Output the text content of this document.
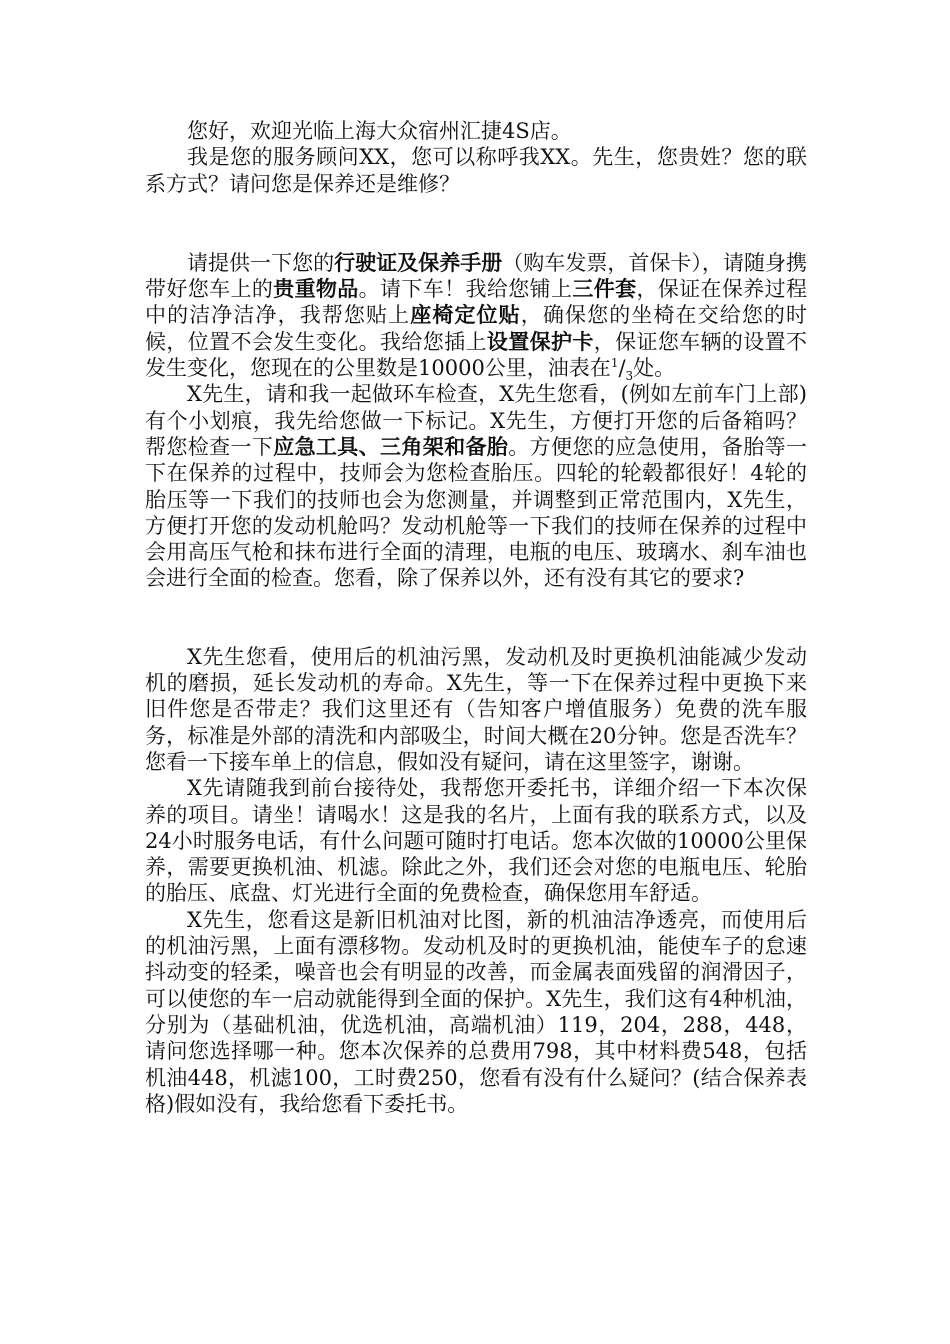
您好，欢迎光临上海大众宿州汇捷4S店。

我是您的服务顾问XX，您可以称呼我XX。先生，您贵姓？您的联系方式？请问您是保养还是维修？

请提供一下您的行驶证及保养手册（购车发票，首保卡），请随身携带好您车上的贵重物品。请下车！我给您铺上三件套，保证在保养过程中的洁净洁净，我帮您贴上座椅定位贴，确保您的坐椅在交给您的时候，位置不会发生变化。我给您插上设置保护卡，保证您车辆的设置不发生变化，您现在的公里数是10000公里，油表在$^1/_3$处。

X先生，请和我一起做环车检查，X先生您看，(例如左前车门上部)有个小划痕，我先给您做一下标记。X先生，方便打开您的后备箱吗？帮您检查一下应急工具、三角架和备胎。方便您的应急使用，备胎等一下在保养的过程中，技师会为您检查胎压。四轮的轮毂都很好！4轮的胎压等一下我们的技师也会为您测量，并调整到正常范围内，X先生，方便打开您的发动机舱吗？发动机舱等一下我们的技师在保养的过程中会用高压气枪和抹布进行全面的清理，电瓶的电压、玻璃水、刹车油也会进行全面的检查。您看，除了保养以外，还有没有其它的要求?

X先生您看，使用后的机油污黑，发动机及时更换机油能减少发动机的磨损，延长发动机的寿命。X先生，等一下在保养过程中更换下来旧件您是否带走？我们这里还有（告知客户增值服务）免费的洗车服务，标准是外部的清洗和内部吸尘，时间大概在20分钟。您是否洗车？您看一下接车单上的信息，假如没有疑问，请在这里签字，谢谢。

X先请随我到前台接待处，我帮您开委托书，详细介绍一下本次保养的项目。请坐！请喝水！这是我的名片，上面有我的联系方式，以及24小时服务电话，有什么问题可随时打电话。您本次做的10000公里保养，需要更换机油、机滤。除此之外，我们还会对您的电瓶电压、轮胎的胎压、底盘、灯光进行全面的免费检查，确保您用车舒适。

X先生，您看这是新旧机油对比图，新的机油洁净透亮，而使用后的机油污黑，上面有漂移物。发动机及时的更换机油，能使车子的怠速抖动变的轻柔，噪音也会有明显的改善，而金属表面残留的润滑因子，可以使您的车一启动就能得到全面的保护。X先生，我们这有4种机油，分别为（基础机油，优选机油，高端机油）119，204，288，448，请问您选择哪一种。您本次保养的总费用798，其中材料费548，包括机油448，机滤100，工时费250，您看有没有什么疑问？(结合保养表格)假如没有，我给您看下委托书。
